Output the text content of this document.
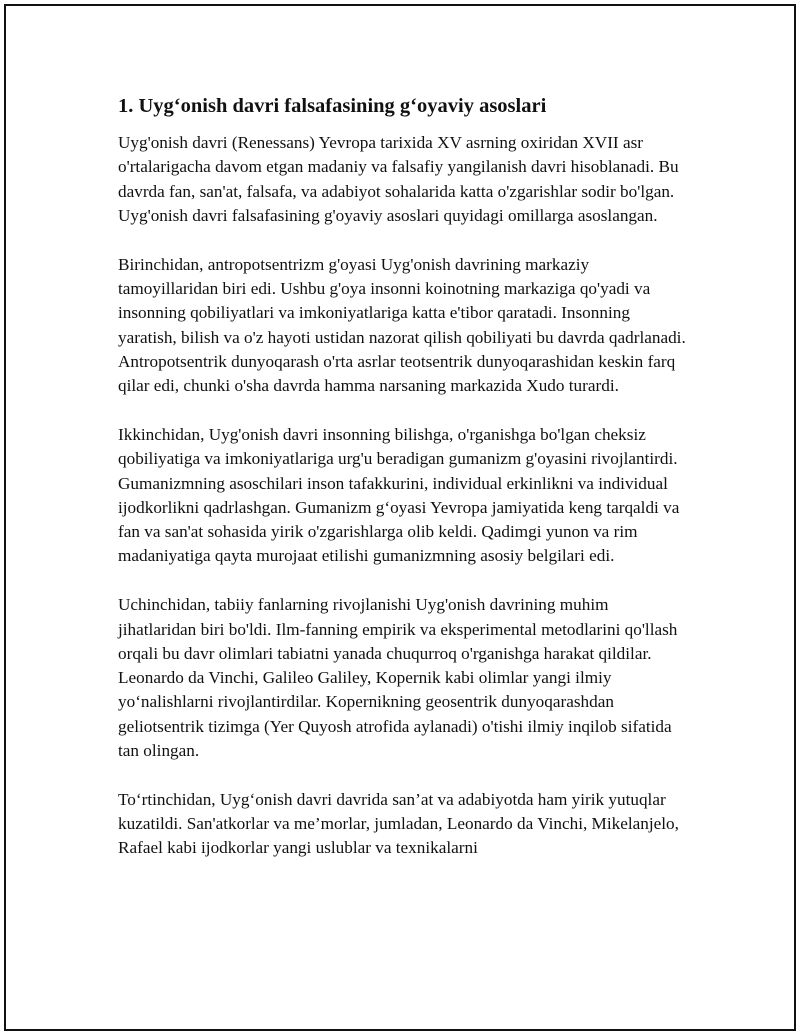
1. Uyg‘onish davri falsafasining g‘oyaviy asoslari

Uyg'onish davri (Renessans) Yevropa tarixida XV asrning oxiridan XVII asr o'rtalarigacha davom etgan madaniy va falsafiy yangilanish davri hisoblanadi. Bu davrda fan, san'at, falsafa, va adabiyot sohalarida katta o'zgarishlar sodir bo'lgan. Uyg'onish davri falsafasining g'oyaviy asoslari quyidagi omillarga asoslangan.

Birinchidan, antropotsentrizm g'oyasi Uyg'onish davrining markaziy tamoyillaridan biri edi. Ushbu g'oya insonni koinotning markaziga qo'yadi va insonning qobiliyatlari va imkoniyatlariga katta e'tibor qaratadi. Insonning yaratish, bilish va o'z hayoti ustidan nazorat qilish qobiliyati bu davrda qadrlanadi. Antropotsentrik dunyoqarash o'rta asrlar teotsentrik dunyoqarashidan keskin farq qilar edi, chunki o'sha davrda hamma narsaning markazida Xudo turardi.

Ikkinchidan, Uyg'onish davri insonning bilishga, o'rganishga bo'lgan cheksiz qobiliyatiga va imkoniyatlariga urg'u beradigan gumanizm g'oyasini rivojlantirdi. Gumanizmning asoschilari inson tafakkurini, individual erkinlikni va individual ijodkorlikni qadrlashgan. Gumanizm g‘oyasi Yevropa jamiyatida keng tarqaldi va fan va san'at sohasida yirik o'zgarishlarga olib keldi. Qadimgi yunon va rim madaniyatiga qayta murojaat etilishi gumanizmning asosiy belgilari edi.

Uchinchidan, tabiiy fanlarning rivojlanishi Uyg'onish davrining muhim jihatlaridan biri bo'ldi. Ilm-fanning empirik va eksperimental metodlarini qo'llash orqali bu davr olimlari tabiatni yanada chuqurroq o'rganishga harakat qildilar. Leonardo da Vinchi, Galileo Galiley, Kopernik kabi olimlar yangi ilmiy yo‘nalishlarni rivojlantirdilar. Kopernikning geosentrik dunyoqarashdan geliotsentrik tizimga (Yer Quyosh atrofida aylanadi) o'tishi ilmiy inqilob sifatida tan olingan.

To‘rtinchidan, Uyg‘onish davri davrida san’at va adabiyotda ham yirik yutuqlar kuzatildi. San'atkorlar va me’morlar, jumladan, Leonardo da Vinchi, Mikelanjelo, Rafael kabi ijodkorlar yangi uslublar va texnikalarni
